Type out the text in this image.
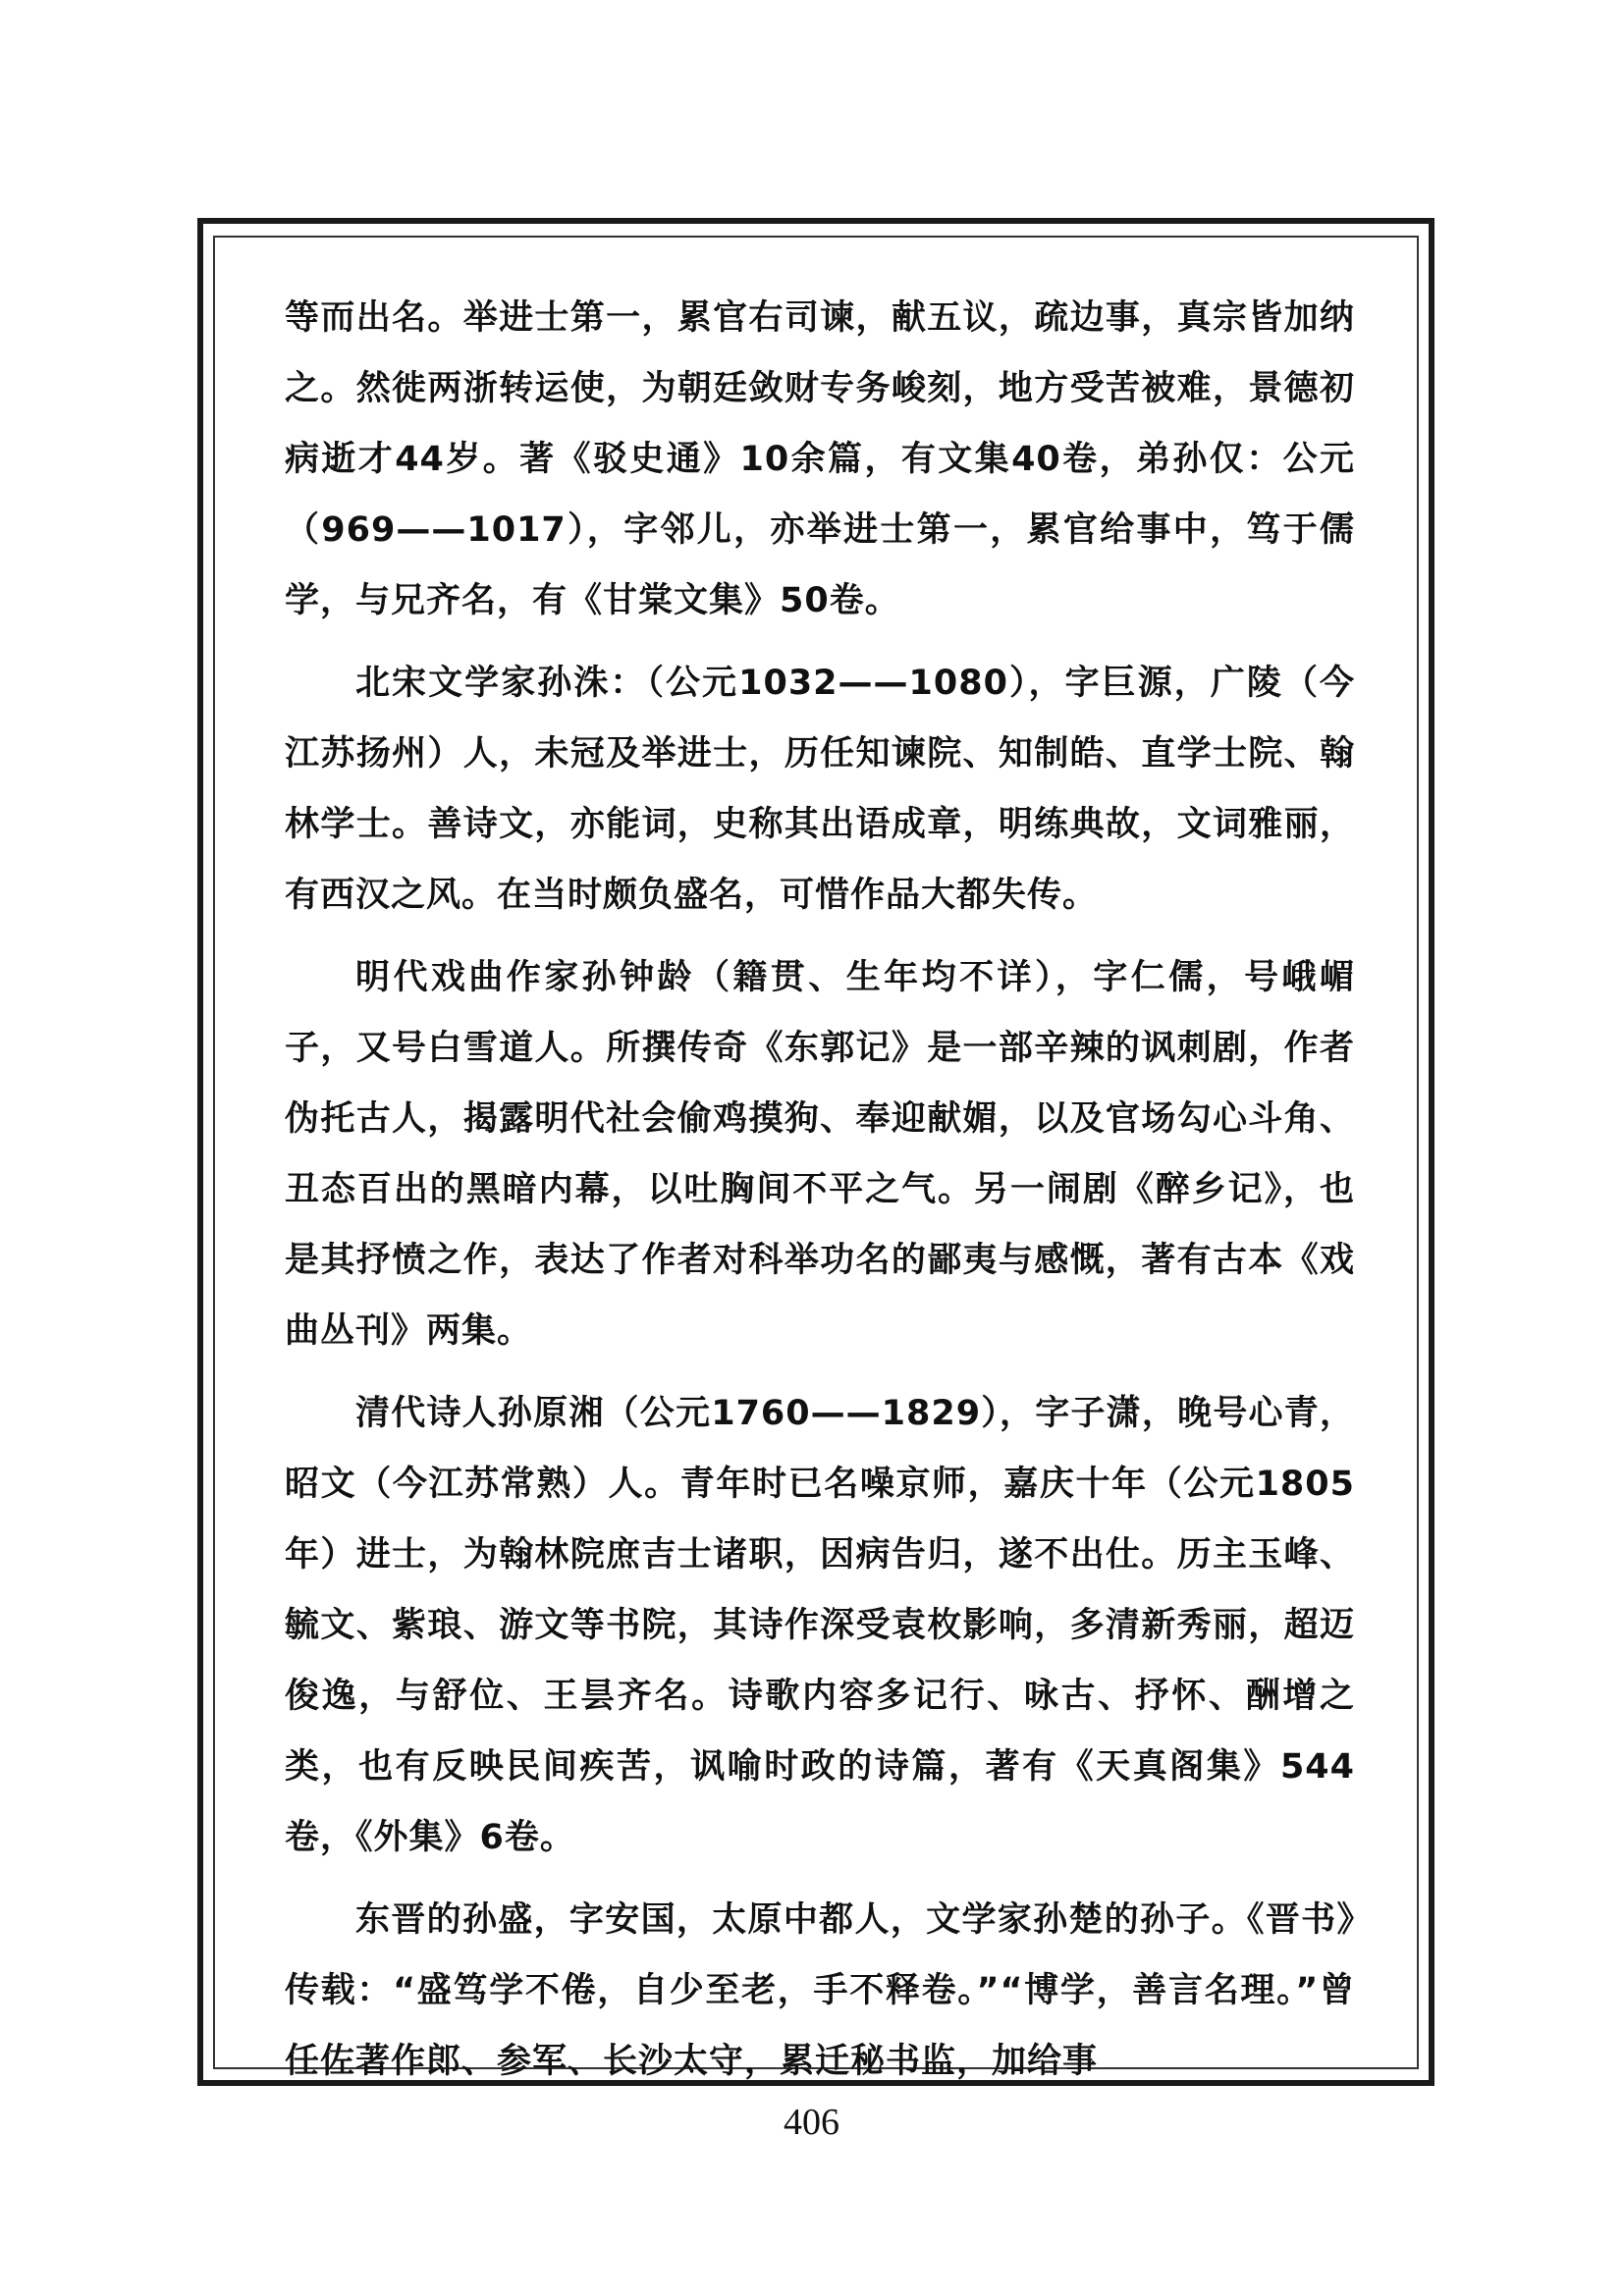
等而出名。举进士第一，累官右司谏，献五议，疏边事，真宗皆加纳之。然徙两浙转运使，为朝廷敛财专务峻刻，地方受苦被难，景德初病逝才44岁。著《驳史通》10余篇，有文集40卷，弟孙仅：公元（969——1017），字邻儿，亦举进士第一，累官给事中，笃于儒学，与兄齐名，有《甘棠文集》50卷。

北宋文学家孙洙：（公元1032——1080），字巨源，广陵（今江苏扬州）人，未冠及举进士，历任知谏院、知制皓、直学士院、翰林学士。善诗文，亦能词，史称其出语成章，明练典故，文词雅丽，有西汉之风。在当时颇负盛名，可惜作品大都失传。

明代戏曲作家孙钟龄（籍贯、生年均不详），字仁儒，号峨嵋子，又号白雪道人。所撰传奇《东郭记》是一部辛辣的讽刺剧，作者伪托古人，揭露明代社会偷鸡摸狗、奉迎献媚，以及官场勾心斗角、丑态百出的黑暗内幕，以吐胸间不平之气。另一闹剧《醉乡记》，也是其抒愤之作，表达了作者对科举功名的鄙夷与感慨，著有古本《戏曲丛刊》两集。

清代诗人孙原湘（公元1760——1829），字子潇，晚号心青，昭文（今江苏常熟）人。青年时已名噪京师，嘉庆十年（公元1805年）进士，为翰林院庶吉士诸职，因病告归，遂不出仕。历主玉峰、毓文、紫琅、游文等书院，其诗作深受袁枚影响，多清新秀丽，超迈俊逸，与舒位、王昙齐名。诗歌内容多记行、咏古、抒怀、酬增之类，也有反映民间疾苦，讽喻时政的诗篇，著有《天真阁集》544卷，《外集》6卷。

东晋的孙盛，字安国，太原中都人，文学家孙楚的孙子。《晋书》传载：“盛笃学不倦，自少至老，手不释卷。”“博学，善言名理。”曾任佐著作郎、参军、长沙太守，累迁秘书监，加给事

406
